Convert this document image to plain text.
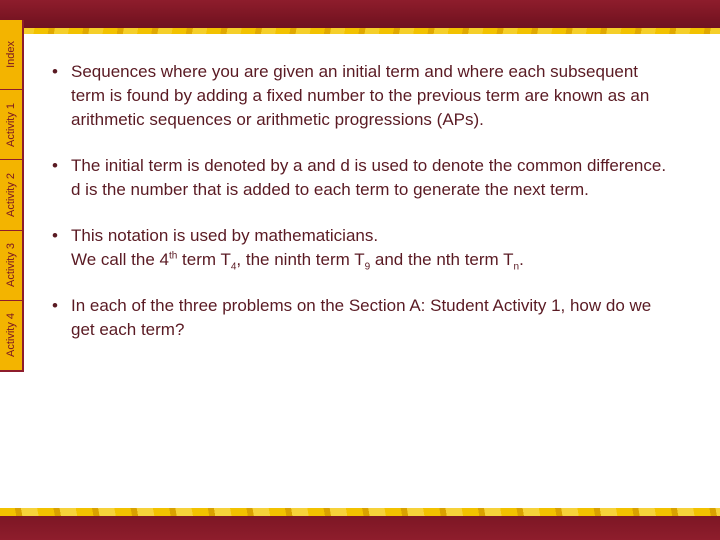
Index
Activity 1
Activity 2
Activity 3
Activity 4
• Sequences where you are given an initial term and where each subsequent term is found by adding a fixed number to the previous term are known as an arithmetic sequences or arithmetic progressions (APs).
• The initial term is denoted by a and d is used to denote the common difference. d is the number that is added to each term to generate the next term.
• This notation is used by mathematicians.
We call the 4th term $T_4$, the ninth term $T_9$ and the nth term $T_n$.
• In each of the three problems on the Section A: Student Activity 1, how do we get each term?
